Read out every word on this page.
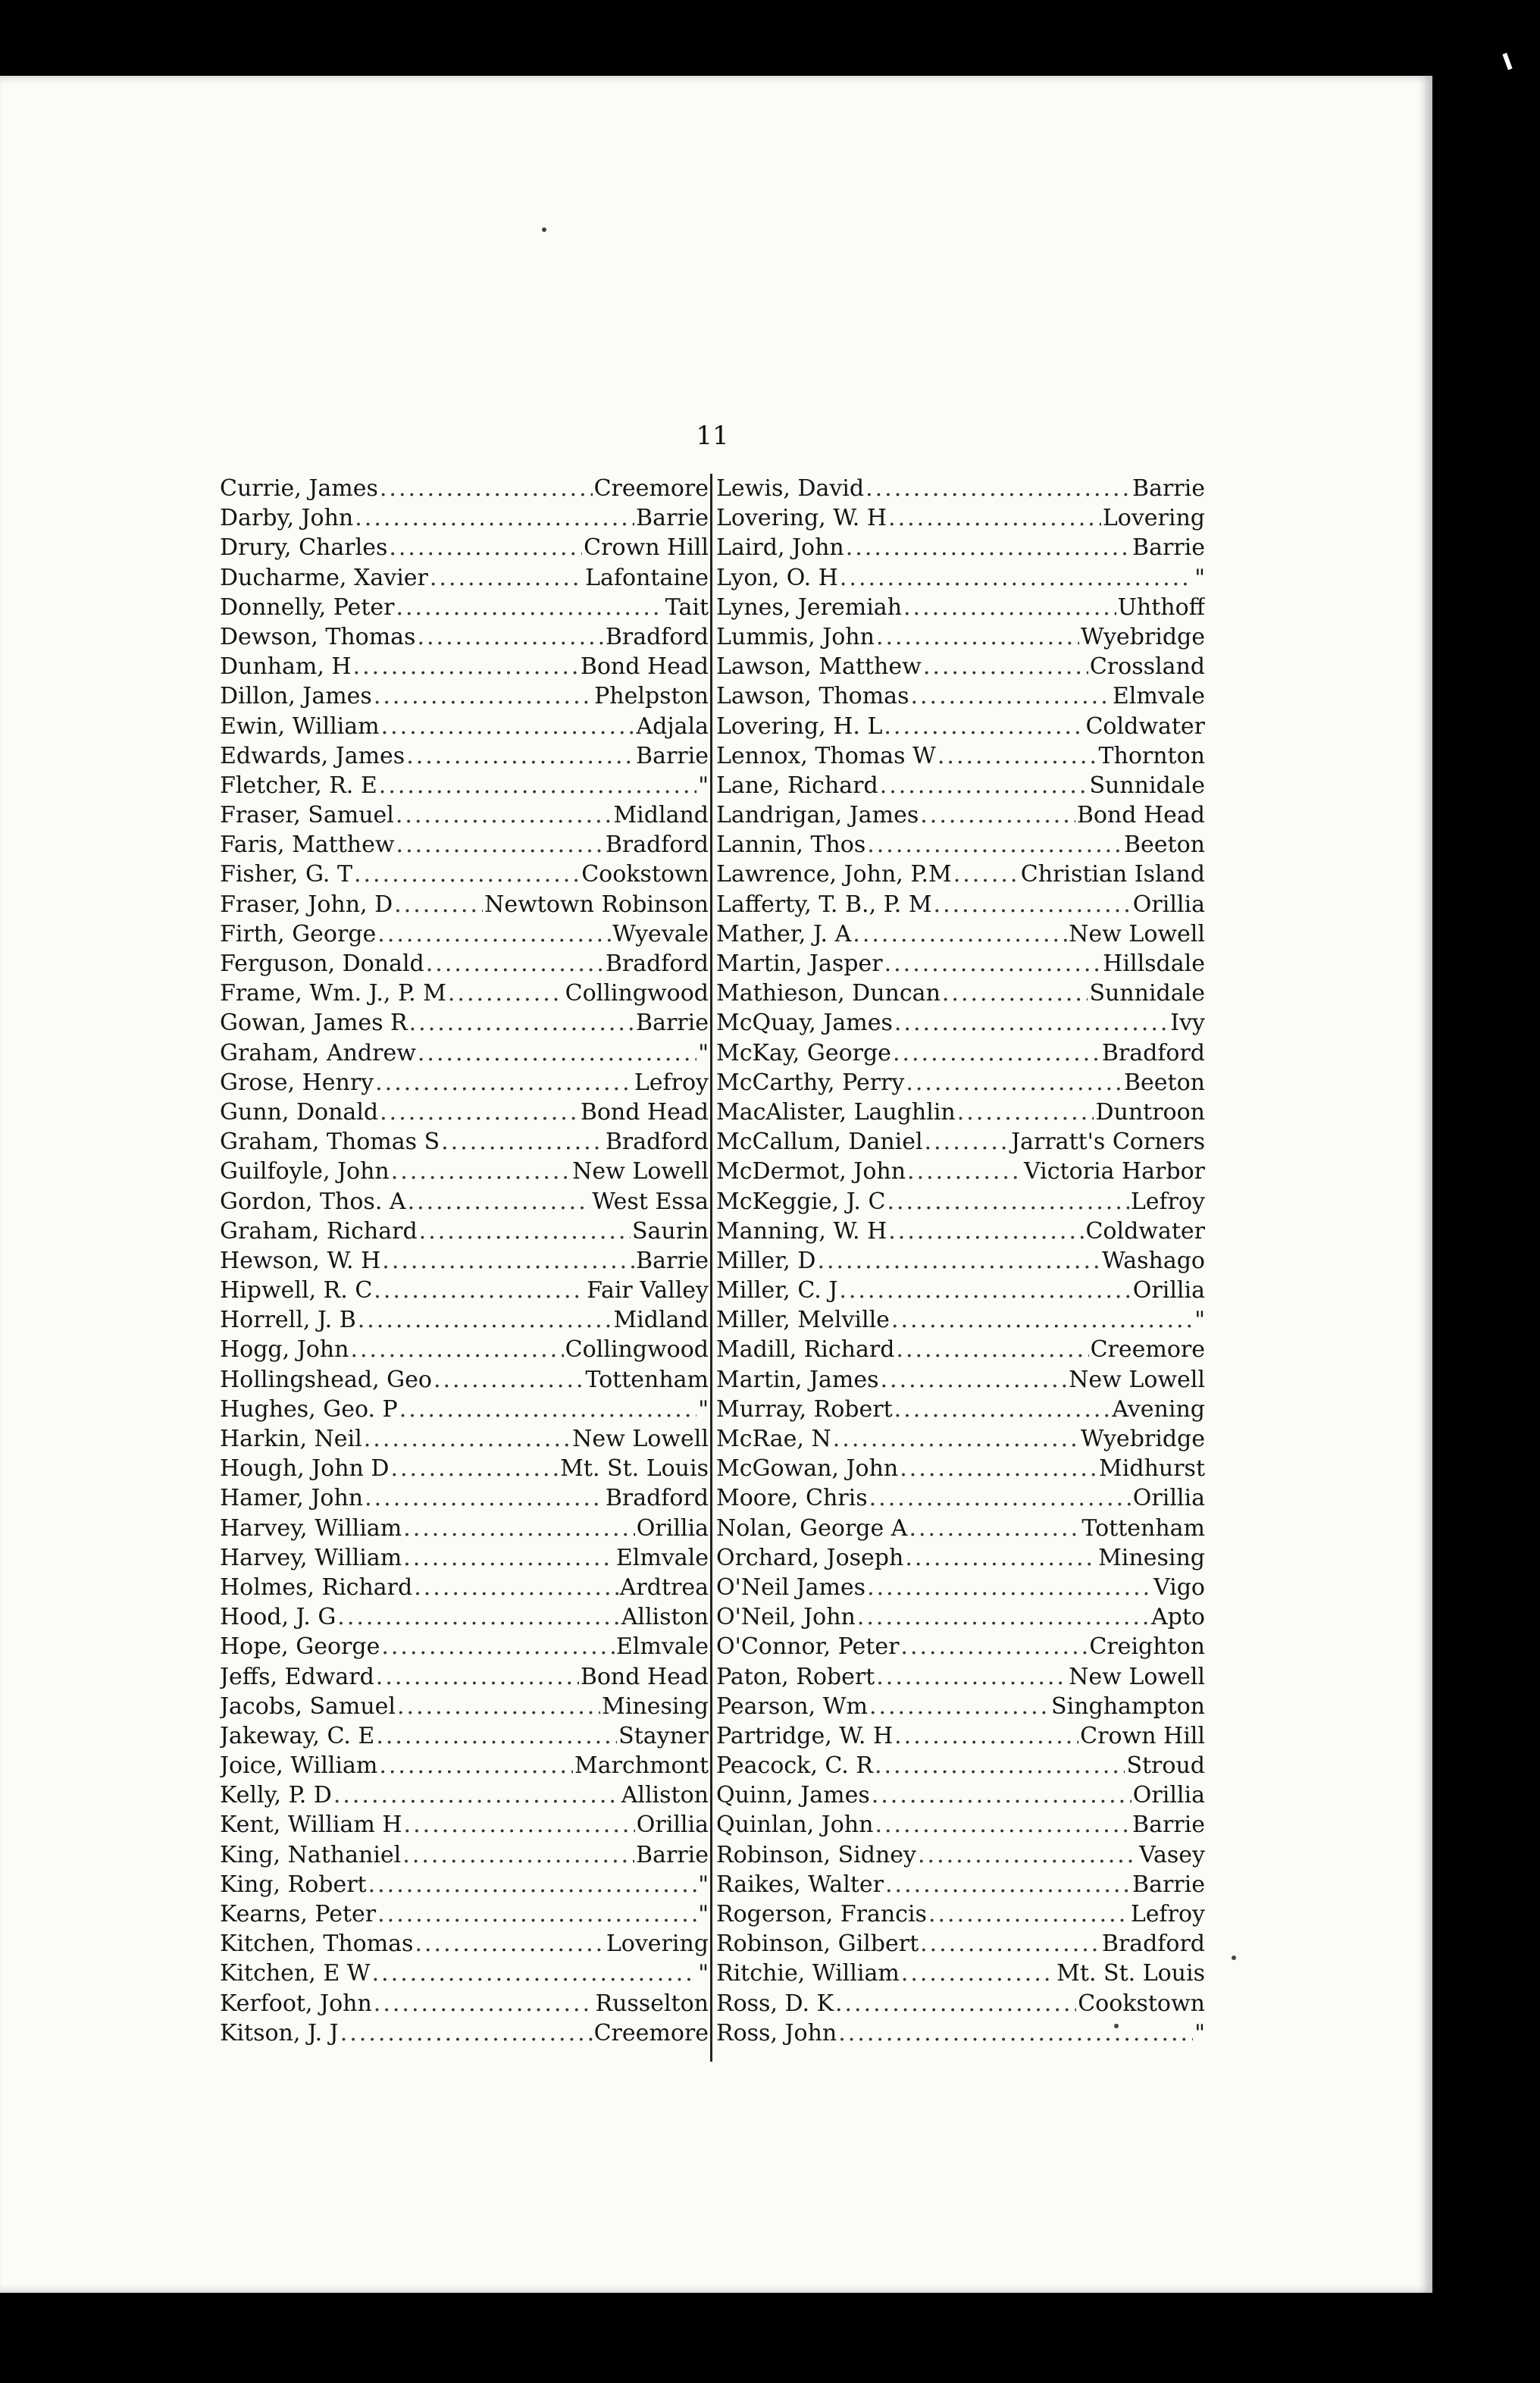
11
Currie, James .....	Creemore
Darby, John .....	Barrie
Drury, Charles .....	Crown Hill
Ducharme, Xavier .....	Lafontaine
Donnelly, Peter .....	Tait
Dewson, Thomas .....	Bradford
Dunham, H .....	Bond Head
Dillon, James .....	Phelpston
Ewin, William .....	Adjala
Edwards, James .....	Barrie
Fletcher, R. E .....	"
Fraser, Samuel .....	Midland
Faris, Matthew .....	Bradford
Fisher, G. T .....	Cookstown
Fraser, John, D .....	Newtown Robinson
Firth, George .....	Wyevale
Ferguson, Donald .....	Bradford
Frame, Wm. J., P. M .....	Collingwood
Gowan, James R .....	Barrie
Graham, Andrew .....	"
Grose, Henry .....	Lefroy
Gunn, Donald .....	Bond Head
Graham, Thomas S .....	Bradford
Guilfoyle, John .....	New Lowell
Gordon, Thos. A .....	West Essa
Graham, Richard .....	Saurin
Hewson, W. H .....	Barrie
Hipwell, R. C .....	Fair Valley
Horrell, J. B .....	Midland
Hogg, John .....	Collingwood
Hollingshead, Geo .....	Tottenham
Hughes, Geo. P .....	"
Harkin, Neil .....	New Lowell
Hough, John D .....	Mt. St. Louis
Hamer, John .....	Bradford
Harvey, William .....	Orillia
Harvey, William .....	Elmvale
Holmes, Richard .....	Ardtrea
Hood, J. G .....	Alliston
Hope, George .....	Elmvale
Jeffs, Edward .....	Bond Head
Jacobs, Samuel .....	Minesing
Jakeway, C. E .....	Stayner
Joice, William .....	Marchmont
Kelly, P. D .....	Alliston
Kent, William H .....	Orillia
King, Nathaniel .....	Barrie
King, Robert .....	"
Kearns, Peter .....	"
Kitchen, Thomas .....	Lovering
Kitchen, E W .....	"
Kerfoot, John .....	Russelton
Kitson, J. J .....	Creemore
Lewis, David .....	Barrie
Lovering, W. H .....	Lovering
Laird, John .....	Barrie
Lyon, O. H .....	"
Lynes, Jeremiah .....	Uhthoff
Lummis, John .....	Wyebridge
Lawson, Matthew .....	Crossland
Lawson, Thomas .....	Elmvale
Lovering, H. L .....	Coldwater
Lennox, Thomas W .....	Thornton
Lane, Richard .....	Sunnidale
Landrigan, James .....	Bond Head
Lannin, Thos .....	Beeton
Lawrence, John, P.M .....	Christian Island
Lafferty, T. B., P. M .....	Orillia
Mather, J. A .....	New Lowell
Martin, Jasper .....	Hillsdale
Mathieson, Duncan .....	Sunnidale
McQuay, James .....	Ivy
McKay, George .....	Bradford
McCarthy, Perry .....	Beeton
MacAlister, Laughlin .....	Duntroon
McCallum, Daniel .....	Jarratt's Corners
McDermot, John .....	Victoria Harbor
McKeggie, J. C .....	Lefroy
Manning, W. H .....	Coldwater
Miller, D .....	Washago
Miller, C. J .....	Orillia
Miller, Melville .....	"
Madill, Richard .....	Creemore
Martin, James .....	New Lowell
Murray, Robert .....	Avening
McRae, N .....	Wyebridge
McGowan, John .....	Midhurst
Moore, Chris .....	Orillia
Nolan, George A .....	Tottenham
Orchard, Joseph .....	Minesing
O'Neil James .....	Vigo
O'Neil, John .....	Apto
O'Connor, Peter .....	Creighton
Paton, Robert .....	New Lowell
Pearson, Wm .....	Singhampton
Partridge, W. H .....	Crown Hill
Peacock, C. R .....	Stroud
Quinn, James .....	Orillia
Quinlan, John .....	Barrie
Robinson, Sidney .....	Vasey
Raikes, Walter .....	Barrie
Rogerson, Francis .....	Lefroy
Robinson, Gilbert .....	Bradford
Ritchie, William .....	Mt. St. Louis
Ross, D. K .....	Cookstown
Ross, John .....	"
